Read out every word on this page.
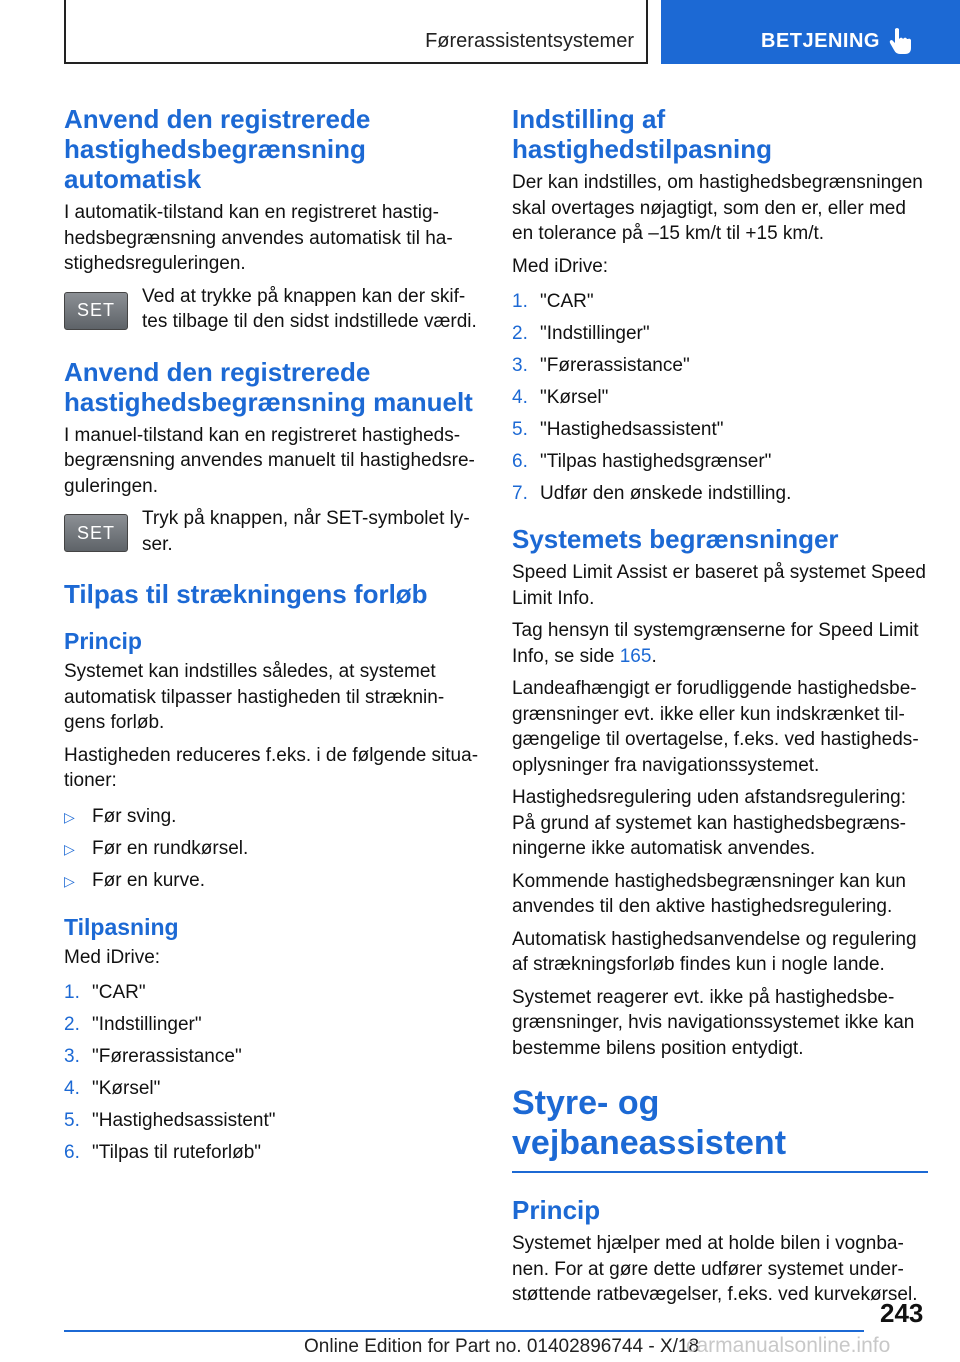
Førerassistentsystemer	BETJENING
Anvend den registrerede hastighedsbegrænsning automatisk

I automatik-tilstand kan en registreret hastighedsbegrænsning anvendes automatisk til hastighedsreguleringen.

SET

Ved at trykke på knappen kan der skiftes tilbage til den sidst indstillede værdi.

Anvend den registrerede hastighedsbegrænsning manuelt

I manuel-tilstand kan en registreret hastighedsbegrænsning anvendes manuelt til hastighedsreguleringen.

SET

Tryk på knappen, når SET-symbolet lyser.

Tilpas til strækningens forløb
Princip

Systemet kan indstilles således, at systemet automatisk tilpasser hastigheden til strækningens forløb.

Hastigheden reduceres f.eks. i de følgende situationer:

▷ Før sving.
▷ Før en rundkørsel.
▷ Før en kurve.
Tilpasning

Med iDrive:

1. "CAR"
2. "Indstillinger"
3. "Førerassistance"
4. "Kørsel"
5. "Hastighedsassistent"
6. "Tilpas til ruteforløb"
Indstilling af hastighedstilpasning

Der kan indstilles, om hastighedsbegrænsningen skal overtages nøjagtigt, som den er, eller med en tolerance på –15 km/t til +15 km/t.

Med iDrive:

1. "CAR"
2. "Indstillinger"
3. "Førerassistance"
4. "Kørsel"
5. "Hastighedsassistent"
6. "Tilpas hastighedsgrænser"
7. Udfør den ønskede indstilling.
Systemets begrænsninger

Speed Limit Assist er baseret på systemet Speed Limit Info.

Tag hensyn til systemgrænserne for Speed Limit Info, se side 165.

Landeafhængigt er forudliggende hastighedsbegrænsninger evt. ikke eller kun indskrænket tilgængelige til overtagelse, f.eks. ved hastighedsoplysninger fra navigationssystemet.

Hastighedsregulering uden afstandsregulering: På grund af systemet kan hastighedsbegrænsningerne ikke automatisk anvendes.

Kommende hastighedsbegrænsninger kan kun anvendes til den aktive hastighedsregulering.

Automatisk hastighedsanvendelse og regulering af strækningsforløb findes kun i nogle lande.

Systemet reagerer evt. ikke på hastighedsbegrænsninger, hvis navigationssystemet ikke kan bestemme bilens position entydigt.

Styre- og vejbaneassistent
Princip

Systemet hjælper med at holde bilen i vognbanen. For at gøre dette udfører systemet understøttende ratbevægelser, f.eks. ved kurvekørsel.

243
Online Edition for Part no. 01402896744 - X/18
carmanualsonline.info
